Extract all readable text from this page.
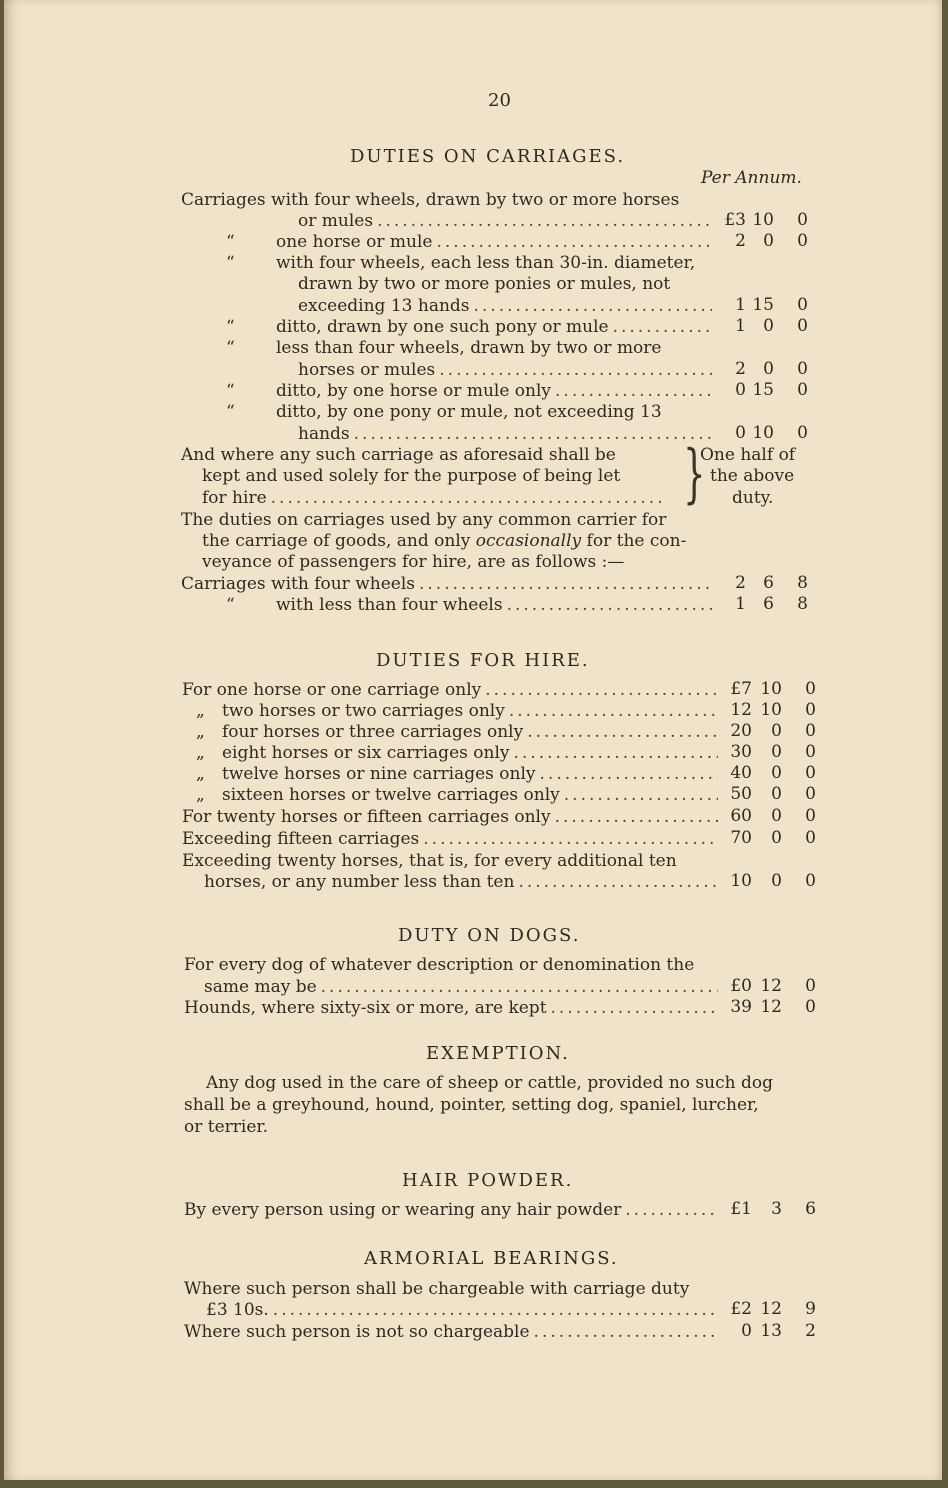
20
DUTIES ON CARRIAGES.
Per Annum.
Carriages with four wheels, drawn by two or more horses
or mules .....	£3 10	0
“ one horse or mule .....	2	0	0
“ with four wheels, each less than 30-in. diameter,
drawn by two or more ponies or mules, not
exceeding 13 hands .....	1 15	0
“ ditto, drawn by one such pony or mule .....	1	0	0
“ less than four wheels, drawn by two or more
horses or mules .....	2	0	0
“ ditto, by one horse or mule only .....	0 15	0
“ ditto, by one pony or mule, not exceeding 13
hands .....	0 10	0
And where any such carriage as aforesaid shall be
kept and used solely for the purpose of being let
for hire .....	}
One half of
the above
duty.
The duties on carriages used by any common carrier for
the carriage of goods, and only occasionally for the con-
veyance of passengers for hire, are as follows :—
Carriages with four wheels .....	2	6	8
“ with less than four wheels .....	1	6	8
DUTIES FOR HIRE.
For one horse or one carriage only .....	£7 10	0
„ two horses or two carriages only .....	12 10	0
„ four horses or three carriages only .....	20	0	0
„ eight horses or six carriages only .....	30	0	0
„ twelve horses or nine carriages only .....	40	0	0
„ sixteen horses or twelve carriages only .....	50	0	0
For twenty horses or fifteen carriages only .....	60	0	0
Exceeding fifteen carriages .....	70	0	0
Exceeding twenty horses, that is, for every additional ten
horses, or any number less than ten .....	10	0	0
DUTY ON DOGS.
For every dog of whatever description or denomination the
same may be .....	£0 12	0
Hounds, where sixty-six or more, are kept .....	39 12	0
EXEMPTION.
Any dog used in the care of sheep or cattle, provided no such dog
shall be a greyhound, hound, pointer, setting dog, spaniel, lurcher,
or terrier.
HAIR POWDER.
By every person using or wearing any hair powder .....	£1	3	6
ARMORIAL BEARINGS.
Where such person shall be chargeable with carriage duty
£3 10s. .....	£2 12	9
Where such person is not so chargeable .....	0 13	2
